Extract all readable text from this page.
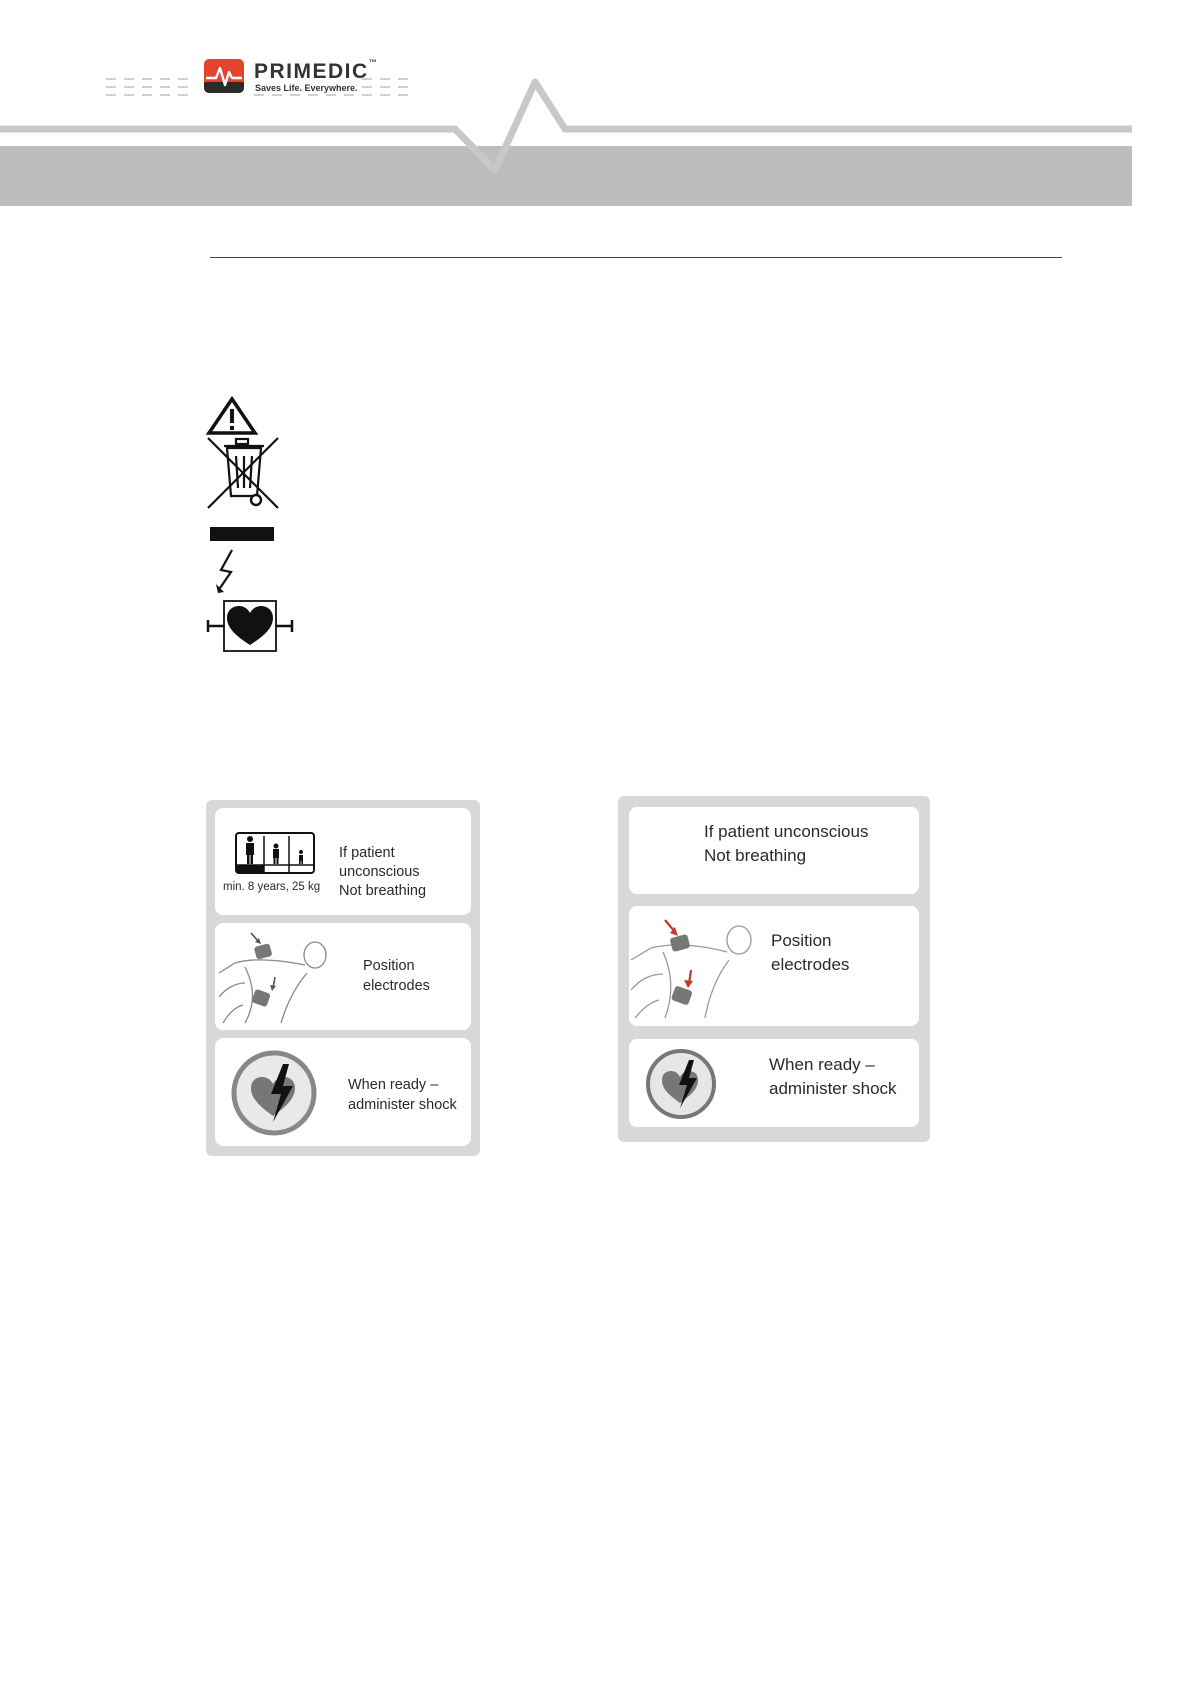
PRIMEDIC™
Saves Life. Everywhere.
min. 8 years, 25 kg
If patient
unconscious
Not breathing
Position
electrodes
When ready –
administer shock
If patient unconscious
Not breathing
Position
electrodes
When ready –
administer shock
